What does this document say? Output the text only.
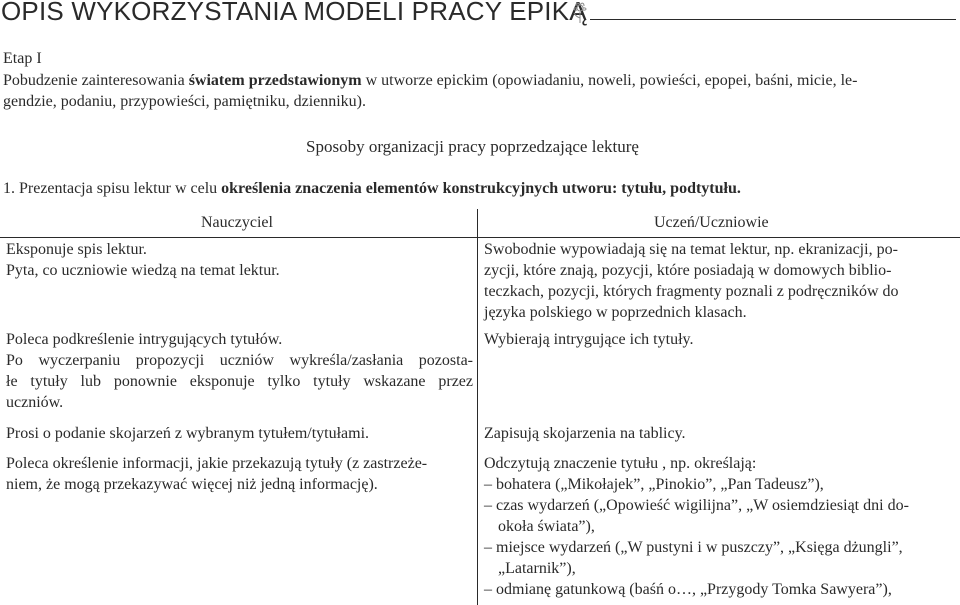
OPIS WYKORZYSTANIA MODELI PRACY EPIKĄ
Etap I
Pobudzenie zainteresowania światem przedstawionym w utworze epickim (opowiadaniu, noweli, powieści, epopei, baśni, micie, le-
gendzie, podaniu, przypowieści, pamiętniku, dzienniku).
Sposoby organizacji pracy poprzedzające lekturę
1. Prezentacja spisu lektur w celu określenia znaczenia elementów konstrukcyjnych utworu: tytułu, podtytułu.
Nauczyciel	Uczeń/Uczniowie
Eksponuje spis lektur.
Pyta, co uczniowie wiedzą na temat lektur.
Swobodnie wypowiadają się na temat lektur, np. ekranizacji, po-
zycji, które znają, pozycji, które posiadają w domowych biblio-
teczkach, pozycji, których fragmenty poznali z podręczników do
języka polskiego w poprzednich klasach.
Poleca podkreślenie intrygujących tytułów.
Po wyczerpaniu propozycji uczniów wykreśla/zasłania pozosta-
łe tytuły lub ponownie eksponuje tylko tytuły wskazane przez
uczniów.
Wybierają intrygujące ich tytuły.
Prosi o podanie skojarzeń z wybranym tytułem/tytułami.	Zapisują skojarzenia na tablicy.
Poleca określenie informacji, jakie przekazują tytuły (z zastrzeże-
niem, że mogą przekazywać więcej niż jedną informację).
Odczytują znaczenie tytułu , np. określają:
– bohatera („Mikołajek”, „Pinokio”, „Pan Tadeusz”),
– czas wydarzeń („Opowieść wigilijna”, „W osiemdziesiąt dni do-
okoła świata”),
– miejsce wydarzeń („W pustyni i w puszczy”, „Księga dżungli”,
„Latarnik”),
– odmianę gatunkową (baśń o…, „Przygody Tomka Sawyera”),
